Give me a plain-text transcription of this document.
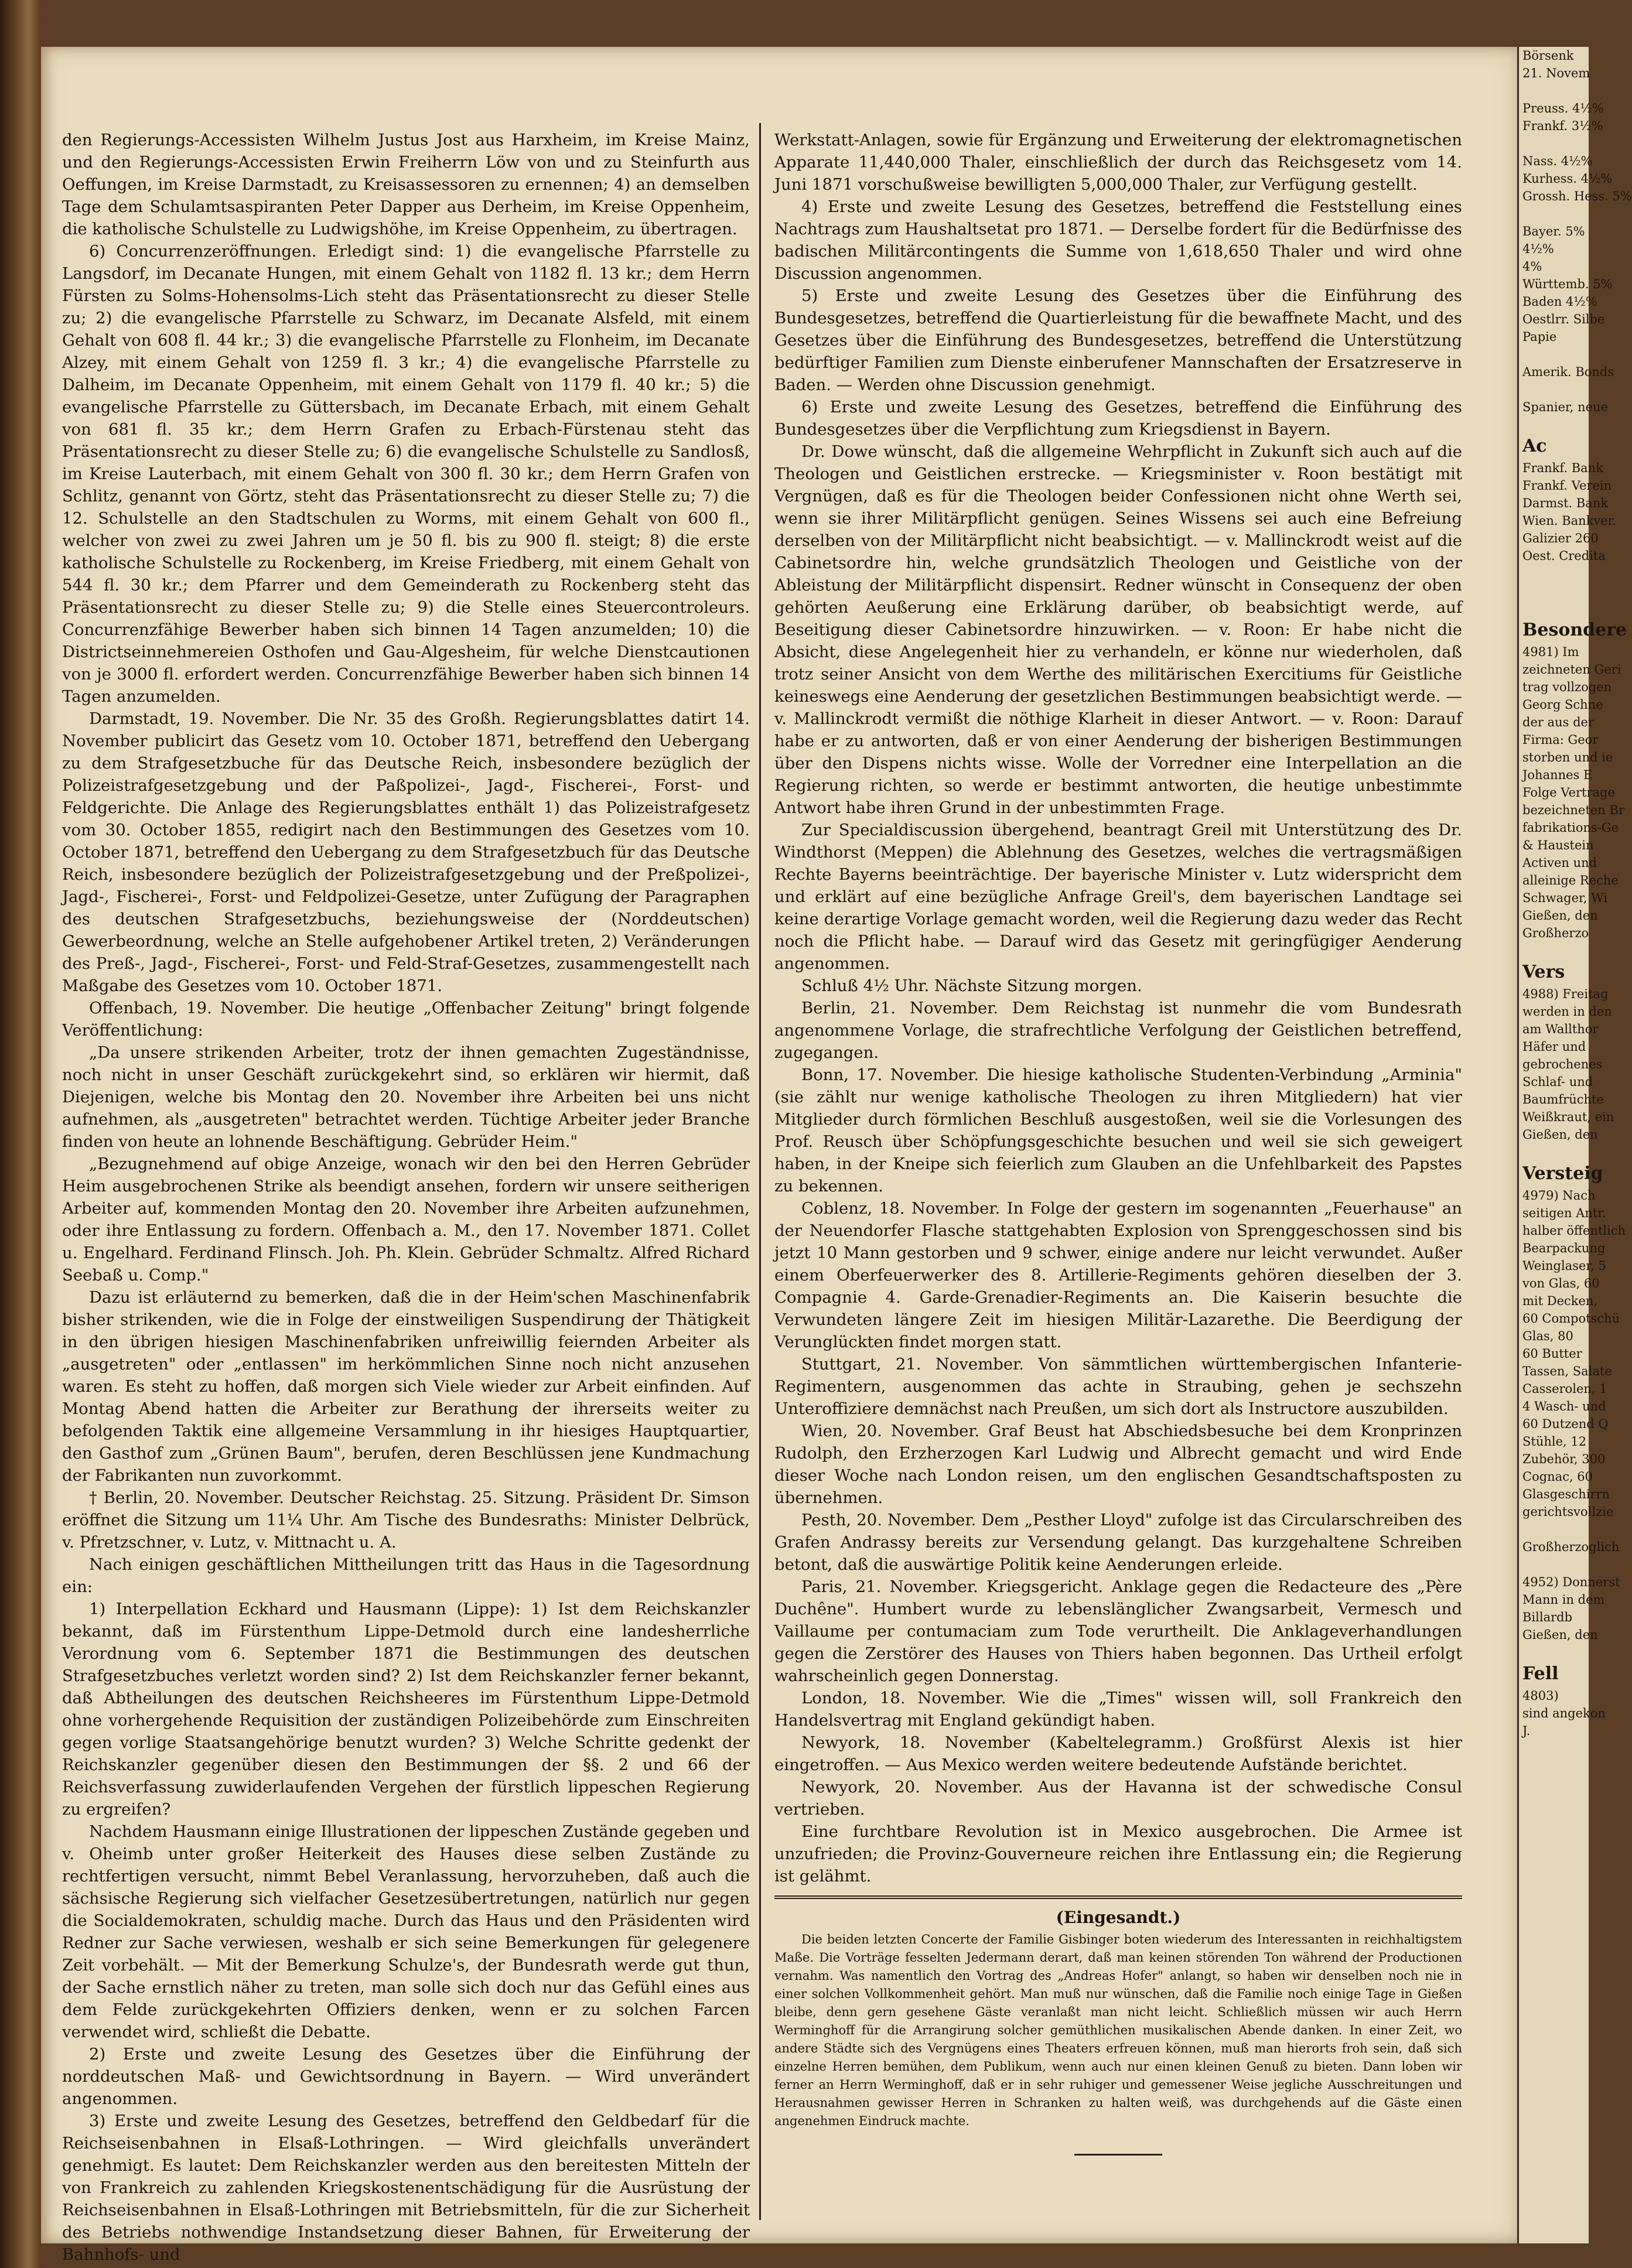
den Regierungs-Accessisten Wilhelm Justus Jost aus Harxheim, im Kreise Mainz, und den Regierungs-Accessisten Erwin Freiherrn Löw von und zu Steinfurth aus Oeffungen, im Kreise Darmstadt, zu Kreisassessoren zu ernennen; 4) an demselben Tage dem Schulamtsaspiranten Peter Dapper aus Derheim, im Kreise Oppenheim, die katholische Schulstelle zu Ludwigshöhe, im Kreise Oppenheim, zu übertragen.

6) Concurrenzeröffnungen. Erledigt sind: 1) die evangelische Pfarrstelle zu Langsdorf, im Decanate Hungen, mit einem Gehalt von 1182 fl. 13 kr.; dem Herrn Fürsten zu Solms-Hohensolms-Lich steht das Präsentationsrecht zu dieser Stelle zu; 2) die evangelische Pfarrstelle zu Schwarz, im Decanate Alsfeld, mit einem Gehalt von 608 fl. 44 kr.; 3) die evangelische Pfarrstelle zu Flonheim, im Decanate Alzey, mit einem Gehalt von 1259 fl. 3 kr.; 4) die evangelische Pfarrstelle zu Dalheim, im Decanate Oppenheim, mit einem Gehalt von 1179 fl. 40 kr.; 5) die evangelische Pfarrstelle zu Güttersbach, im Decanate Erbach, mit einem Gehalt von 681 fl. 35 kr.; dem Herrn Grafen zu Erbach-Fürstenau steht das Präsentationsrecht zu dieser Stelle zu; 6) die evangelische Schulstelle zu Sandlosß, im Kreise Lauterbach, mit einem Gehalt von 300 fl. 30 kr.; dem Herrn Grafen von Schlitz, genannt von Görtz, steht das Präsentationsrecht zu dieser Stelle zu; 7) die 12. Schulstelle an den Stadtschulen zu Worms, mit einem Gehalt von 600 fl., welcher von zwei zu zwei Jahren um je 50 fl. bis zu 900 fl. steigt; 8) die erste katholische Schulstelle zu Rockenberg, im Kreise Friedberg, mit einem Gehalt von 544 fl. 30 kr.; dem Pfarrer und dem Gemeinderath zu Rockenberg steht das Präsentationsrecht zu dieser Stelle zu; 9) die Stelle eines Steuercontroleurs. Concurrenzfähige Bewerber haben sich binnen 14 Tagen anzumelden; 10) die Districtseinnehmereien Osthofen und Gau-Algesheim, für welche Dienstcautionen von je 3000 fl. erfordert werden. Concurrenzfähige Bewerber haben sich binnen 14 Tagen anzumelden.

Darmstadt, 19. November. Die Nr. 35 des Großh. Regierungsblattes datirt 14. November publicirt das Gesetz vom 10. October 1871, betreffend den Uebergang zu dem Strafgesetzbuche für das Deutsche Reich, insbesondere bezüglich der Polizeistrafgesetzgebung und der Paßpolizei-, Jagd-, Fischerei-, Forst- und Feldgerichte. Die Anlage des Regierungsblattes enthält 1) das Polizeistrafgesetz vom 30. October 1855, redigirt nach den Bestimmungen des Gesetzes vom 10. October 1871, betreffend den Uebergang zu dem Strafgesetzbuch für das Deutsche Reich, insbesondere bezüglich der Polizeistrafgesetzgebung und der Preßpolizei-, Jagd-, Fischerei-, Forst- und Feldpolizei-Gesetze, unter Zufügung der Paragraphen des deutschen Strafgesetzbuchs, beziehungsweise der (Norddeutschen) Gewerbeordnung, welche an Stelle aufgehobener Artikel treten, 2) Veränderungen des Preß-, Jagd-, Fischerei-, Forst- und Feld-Straf-Gesetzes, zusammengestellt nach Maßgabe des Gesetzes vom 10. October 1871.

Offenbach, 19. November. Die heutige „Offenbacher Zeitung" bringt folgende Veröffentlichung:

„Da unsere strikenden Arbeiter, trotz der ihnen gemachten Zugeständnisse, noch nicht in unser Geschäft zurückgekehrt sind, so erklären wir hiermit, daß Diejenigen, welche bis Montag den 20. November ihre Arbeiten bei uns nicht aufnehmen, als „ausgetreten" betrachtet werden. Tüchtige Arbeiter jeder Branche finden von heute an lohnende Beschäftigung. Gebrüder Heim."

„Bezugnehmend auf obige Anzeige, wonach wir den bei den Herren Gebrüder Heim ausgebrochenen Strike als beendigt ansehen, fordern wir unsere seitherigen Arbeiter auf, kommenden Montag den 20. November ihre Arbeiten aufzunehmen, oder ihre Entlassung zu fordern. Offenbach a. M., den 17. November 1871. Collet u. Engelhard. Ferdinand Flinsch. Joh. Ph. Klein. Gebrüder Schmaltz. Alfred Richard Seebaß u. Comp."

Dazu ist erläuternd zu bemerken, daß die in der Heim'schen Maschinenfabrik bisher strikenden, wie die in Folge der einstweiligen Suspendirung der Thätigkeit in den übrigen hiesigen Maschinenfabriken unfreiwillig feiernden Arbeiter als „ausgetreten" oder „entlassen" im herkömmlichen Sinne noch nicht anzusehen waren. Es steht zu hoffen, daß morgen sich Viele wieder zur Arbeit einfinden. Auf Montag Abend hatten die Arbeiter zur Berathung der ihrerseits weiter zu befolgenden Taktik eine allgemeine Versammlung in ihr hiesiges Hauptquartier, den Gasthof zum „Grünen Baum", berufen, deren Beschlüssen jene Kundmachung der Fabrikanten nun zuvorkommt.

† Berlin, 20. November. Deutscher Reichstag. 25. Sitzung. Präsident Dr. Simson eröffnet die Sitzung um 11¼ Uhr. Am Tische des Bundesraths: Minister Delbrück, v. Pfretzschner, v. Lutz, v. Mittnacht u. A.

Nach einigen geschäftlichen Mittheilungen tritt das Haus in die Tagesordnung ein:

1) Interpellation Eckhard und Hausmann (Lippe): 1) Ist dem Reichskanzler bekannt, daß im Fürstenthum Lippe-Detmold durch eine landesherrliche Verordnung vom 6. September 1871 die Bestimmungen des deutschen Strafgesetzbuches verletzt worden sind? 2) Ist dem Reichskanzler ferner bekannt, daß Abtheilungen des deutschen Reichsheeres im Fürstenthum Lippe-Detmold ohne vorhergehende Requisition der zuständigen Polizeibehörde zum Einschreiten gegen vorlige Staatsangehörige benutzt wurden? 3) Welche Schritte gedenkt der Reichskanzler gegenüber diesen den Bestimmungen der §§. 2 und 66 der Reichsverfassung zuwiderlaufenden Vergehen der fürstlich lippeschen Regierung zu ergreifen?

Nachdem Hausmann einige Illustrationen der lippeschen Zustände gegeben und v. Oheimb unter großer Heiterkeit des Hauses diese selben Zustände zu rechtfertigen versucht, nimmt Bebel Veranlassung, hervorzuheben, daß auch die sächsische Regierung sich vielfacher Gesetzesübertretungen, natürlich nur gegen die Socialdemokraten, schuldig mache. Durch das Haus und den Präsidenten wird Redner zur Sache verwiesen, weshalb er sich seine Bemerkungen für gelegenere Zeit vorbehält. — Mit der Bemerkung Schulze's, der Bundesrath werde gut thun, der Sache ernstlich näher zu treten, man solle sich doch nur das Gefühl eines aus dem Felde zurückgekehrten Offiziers denken, wenn er zu solchen Farcen verwendet wird, schließt die Debatte.

2) Erste und zweite Lesung des Gesetzes über die Einführung der norddeutschen Maß- und Gewichtsordnung in Bayern. — Wird unverändert angenommen.

3) Erste und zweite Lesung des Gesetzes, betreffend den Geldbedarf für die Reichseisenbahnen in Elsaß-Lothringen. — Wird gleichfalls unverändert genehmigt. Es lautet: Dem Reichskanzler werden aus den bereitesten Mitteln der von Frankreich zu zahlenden Kriegskostenentschädigung für die Ausrüstung der Reichseisenbahnen in Elsaß-Lothringen mit Betriebsmitteln, für die zur Sicherheit des Betriebs nothwendige Instandsetzung dieser Bahnen, für Erweiterung der Bahnhofs- und

Werkstatt-Anlagen, sowie für Ergänzung und Erweiterung der elektromagnetischen Apparate 11,440,000 Thaler, einschließlich der durch das Reichsgesetz vom 14. Juni 1871 vorschußweise bewilligten 5,000,000 Thaler, zur Verfügung gestellt.

4) Erste und zweite Lesung des Gesetzes, betreffend die Feststellung eines Nachtrags zum Haushaltsetat pro 1871. — Derselbe fordert für die Bedürfnisse des badischen Militärcontingents die Summe von 1,618,650 Thaler und wird ohne Discussion angenommen.

5) Erste und zweite Lesung des Gesetzes über die Einführung des Bundesgesetzes, betreffend die Quartierleistung für die bewaffnete Macht, und des Gesetzes über die Einführung des Bundesgesetzes, betreffend die Unterstützung bedürftiger Familien zum Dienste einberufener Mannschaften der Ersatzreserve in Baden. — Werden ohne Discussion genehmigt.

6) Erste und zweite Lesung des Gesetzes, betreffend die Einführung des Bundesgesetzes über die Verpflichtung zum Kriegsdienst in Bayern.

Dr. Dowe wünscht, daß die allgemeine Wehrpflicht in Zukunft sich auch auf die Theologen und Geistlichen erstrecke. — Kriegsminister v. Roon bestätigt mit Vergnügen, daß es für die Theologen beider Confessionen nicht ohne Werth sei, wenn sie ihrer Militärpflicht genügen. Seines Wissens sei auch eine Befreiung derselben von der Militärpflicht nicht beabsichtigt. — v. Mallinckrodt weist auf die Cabinetsordre hin, welche grundsätzlich Theologen und Geistliche von der Ableistung der Militärpflicht dispensirt. Redner wünscht in Consequenz der oben gehörten Aeußerung eine Erklärung darüber, ob beabsichtigt werde, auf Beseitigung dieser Cabinetsordre hinzuwirken. — v. Roon: Er habe nicht die Absicht, diese Angelegenheit hier zu verhandeln, er könne nur wiederholen, daß trotz seiner Ansicht von dem Werthe des militärischen Exercitiums für Geistliche keineswegs eine Aenderung der gesetzlichen Bestimmungen beabsichtigt werde. — v. Mallinckrodt vermißt die nöthige Klarheit in dieser Antwort. — v. Roon: Darauf habe er zu antworten, daß er von einer Aenderung der bisherigen Bestimmungen über den Dispens nichts wisse. Wolle der Vorredner eine Interpellation an die Regierung richten, so werde er bestimmt antworten, die heutige unbestimmte Antwort habe ihren Grund in der unbestimmten Frage.

Zur Specialdiscussion übergehend, beantragt Greil mit Unterstützung des Dr. Windthorst (Meppen) die Ablehnung des Gesetzes, welches die vertragsmäßigen Rechte Bayerns beeinträchtige. Der bayerische Minister v. Lutz widerspricht dem und erklärt auf eine bezügliche Anfrage Greil's, dem bayerischen Landtage sei keine derartige Vorlage gemacht worden, weil die Regierung dazu weder das Recht noch die Pflicht habe. — Darauf wird das Gesetz mit geringfügiger Aenderung angenommen.

Schluß 4½ Uhr. Nächste Sitzung morgen.

Berlin, 21. November. Dem Reichstag ist nunmehr die vom Bundesrath angenommene Vorlage, die strafrechtliche Verfolgung der Geistlichen betreffend, zugegangen.

Bonn, 17. November. Die hiesige katholische Studenten-Verbindung „Arminia" (sie zählt nur wenige katholische Theologen zu ihren Mitgliedern) hat vier Mitglieder durch förmlichen Beschluß ausgestoßen, weil sie die Vorlesungen des Prof. Reusch über Schöpfungsgeschichte besuchen und weil sie sich geweigert haben, in der Kneipe sich feierlich zum Glauben an die Unfehlbarkeit des Papstes zu bekennen.

Coblenz, 18. November. In Folge der gestern im sogenannten „Feuerhause" an der Neuendorfer Flasche stattgehabten Explosion von Sprenggeschossen sind bis jetzt 10 Mann gestorben und 9 schwer, einige andere nur leicht verwundet. Außer einem Oberfeuerwerker des 8. Artillerie-Regiments gehören dieselben der 3. Compagnie 4. Garde-Grenadier-Regiments an. Die Kaiserin besuchte die Verwundeten längere Zeit im hiesigen Militär-Lazarethe. Die Beerdigung der Verunglückten findet morgen statt.

Stuttgart, 21. November. Von sämmtlichen württembergischen Infanterie-Regimentern, ausgenommen das achte in Straubing, gehen je sechszehn Unteroffiziere demnächst nach Preußen, um sich dort als Instructore auszubilden.

Wien, 20. November. Graf Beust hat Abschiedsbesuche bei dem Kronprinzen Rudolph, den Erzherzogen Karl Ludwig und Albrecht gemacht und wird Ende dieser Woche nach London reisen, um den englischen Gesandtschaftsposten zu übernehmen.

Pesth, 20. November. Dem „Pesther Lloyd" zufolge ist das Circularschreiben des Grafen Andrassy bereits zur Versendung gelangt. Das kurzgehaltene Schreiben betont, daß die auswärtige Politik keine Aenderungen erleide.

Paris, 21. November. Kriegsgericht. Anklage gegen die Redacteure des „Père Duchêne". Humbert wurde zu lebenslänglicher Zwangsarbeit, Vermesch und Vaillaume per contumaciam zum Tode verurtheilt. Die Anklageverhandlungen gegen die Zerstörer des Hauses von Thiers haben begonnen. Das Urtheil erfolgt wahrscheinlich gegen Donnerstag.

London, 18. November. Wie die „Times" wissen will, soll Frankreich den Handelsvertrag mit England gekündigt haben.

Newyork, 18. November (Kabeltelegramm.) Großfürst Alexis ist hier eingetroffen. — Aus Mexico werden weitere bedeutende Aufstände berichtet.

Newyork, 20. November. Aus der Havanna ist der schwedische Consul vertrieben.

Eine furchtbare Revolution ist in Mexico ausgebrochen. Die Armee ist unzufrieden; die Provinz-Gouverneure reichen ihre Entlassung ein; die Regierung ist gelähmt.

(Eingesandt.)

Die beiden letzten Concerte der Familie Gisbinger boten wiederum des Interessanten in reichhaltigstem Maße. Die Vorträge fesselten Jedermann derart, daß man keinen störenden Ton während der Productionen vernahm. Was namentlich den Vortrag des „Andreas Hofer" anlangt, so haben wir denselben noch nie in einer solchen Vollkommenheit gehört. Man muß nur wünschen, daß die Familie noch einige Tage in Gießen bleibe, denn gern gesehene Gäste veranlaßt man nicht leicht. Schließlich müssen wir auch Herrn Werminghoff für die Arrangirung solcher gemüthlichen musikalischen Abende danken. In einer Zeit, wo andere Städte sich des Vergnügens eines Theaters erfreuen können, muß man hierorts froh sein, daß sich einzelne Herren bemühen, dem Publikum, wenn auch nur einen kleinen Genuß zu bieten. Dann loben wir ferner an Herrn Werminghoff, daß er in sehr ruhiger und gemessener Weise jegliche Ausschreitungen und Herausnahmen gewisser Herren in Schranken zu halten weiß, was durchgehends auf die Gäste einen angenehmen Eindruck machte.

Börsenk
21. Novem

Preuss. 4½%
Frankf. 3½%

Nass. 4½%
Kurhess. 4½%
Grossh. Hess. 5%

Bayer. 5%
4½%
4%
Württemb. 5%
Baden 4½%
Oestlrr. Silbe
Papie

Amerik. Bonds

Spanier, neue

Ac
Frankf. Bank
Frankf. Verein
Darmst. Bank
Wien. Bankver.
Galizier 260
Oest. Credita

Besondere
4981) Im
zeichneten Geri
trag vollzogen
Georg Schne
der aus der
Firma: Geor
storben und ie
Johannes E
Folge Vertrage
bezeichneten Br
fabrikations-Ge
& Haustein
Activen und
alleinige Reche
Schwager, Wi
Gießen, den
Großherzo

Vers
4988) Freitag
werden in den
am Wallthor
Häfer und
gebrochenes
Schlaf- und
Baumfrüchte
Weißkraut, ein
Gießen, den

Versteig
4979) Nach
seitigen Antr.
halber öffentlich
Bearpackung
Weinglaser, 5
von Glas, 60
mit Decken,
60 Compotschü
Glas, 80
60 Butter
Tassen, Salate
Casserolen, 1
4 Wasch- und
60 Dutzend Q
Stühle, 12
Zubehör, 300
Cognac, 60
Glasgeschirrn
gerichtsvollzie

Großherzoglich

4952) Donnerst
Mann in dem
Billardb
Gießen, den

Fell
4803)
sind angekon
J.
